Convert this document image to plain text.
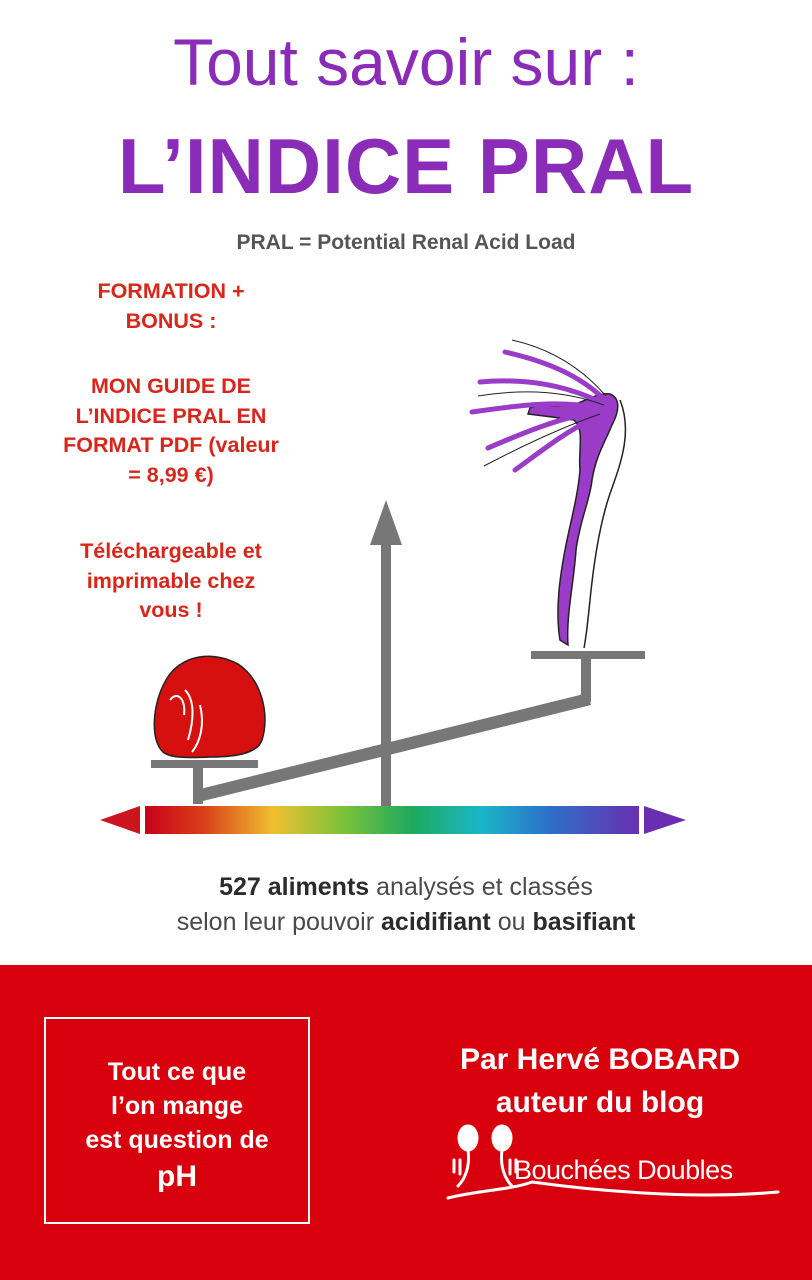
Tout savoir sur :
L’INDICE PRAL
PRAL = Potential Renal Acid Load

FORMATION +

BONUS :

MON GUIDE DE

L’INDICE PRAL EN

FORMAT PDF (valeur

= 8,99 €)

Téléchargeable et

imprimable chez

vous !

527 aliments analysés et classés
selon leur pouvoir acidifiant ou basifiant
Tout ce que
l’on mange
est question de
pH
Par Hervé BOBARD
auteur du blog
Bouchées Doubles
